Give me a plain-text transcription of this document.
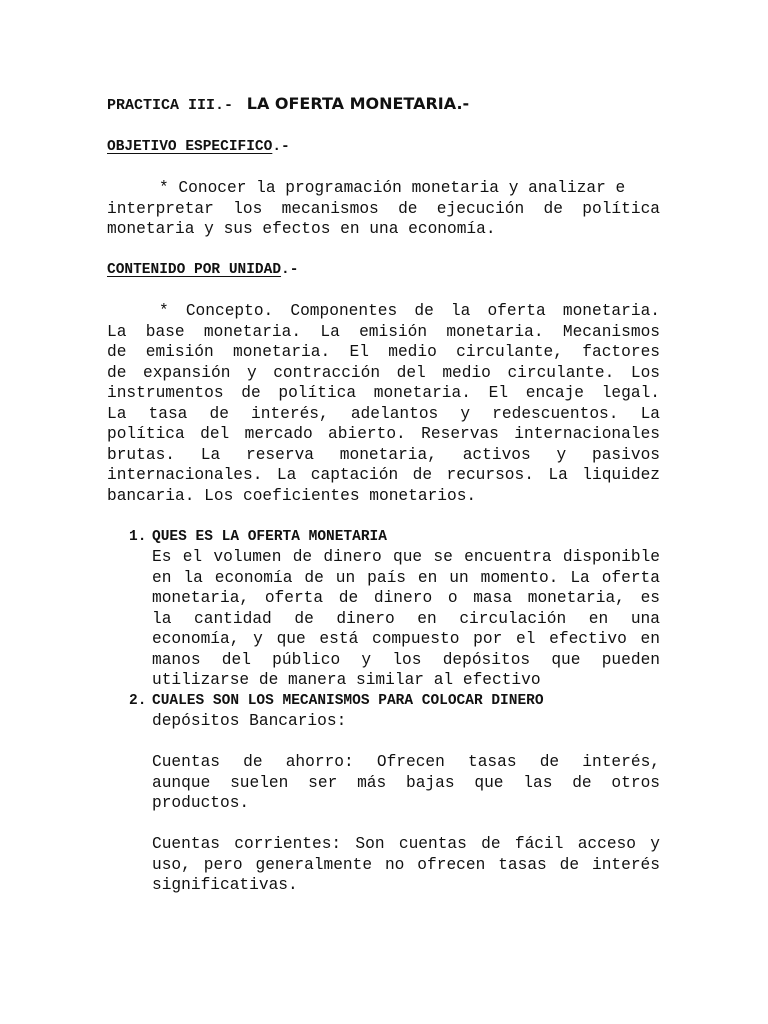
PRACTICA III.- LA OFERTA MONETARIA.-
OBJETIVO ESPECIFICO.-
* Conocer la programación monetaria y analizar e
interpretar los mecanismos de ejecución de política
monetaria y sus efectos en una economía.
CONTENIDO POR UNIDAD.-
* Concepto. Componentes de la oferta monetaria.
La base monetaria. La emisión monetaria. Mecanismos
de emisión monetaria. El medio circulante, factores
de expansión y contracción del medio circulante. Los
instrumentos de política monetaria. El encaje legal.
La tasa de interés, adelantos y redescuentos. La
política del mercado abierto. Reservas internacionales
brutas. La reserva monetaria, activos y pasivos
internacionales. La captación de recursos. La liquidez
bancaria. Los coeficientes monetarios.
1. QUES ES LA OFERTA MONETARIA
Es el volumen de dinero que se encuentra disponible
en la economía de un país en un momento. La oferta
monetaria, oferta de dinero o masa monetaria, es
la cantidad de dinero en circulación en una
economía, y que está compuesto por el efectivo en
manos del público y los depósitos que pueden
utilizarse de manera similar al efectivo
2. CUALES SON LOS MECANISMOS PARA COLOCAR DINERO
depósitos Bancarios:
Cuentas de ahorro: Ofrecen tasas de interés,
aunque suelen ser más bajas que las de otros
productos.
Cuentas corrientes: Son cuentas de fácil acceso y
uso, pero generalmente no ofrecen tasas de interés
significativas.
